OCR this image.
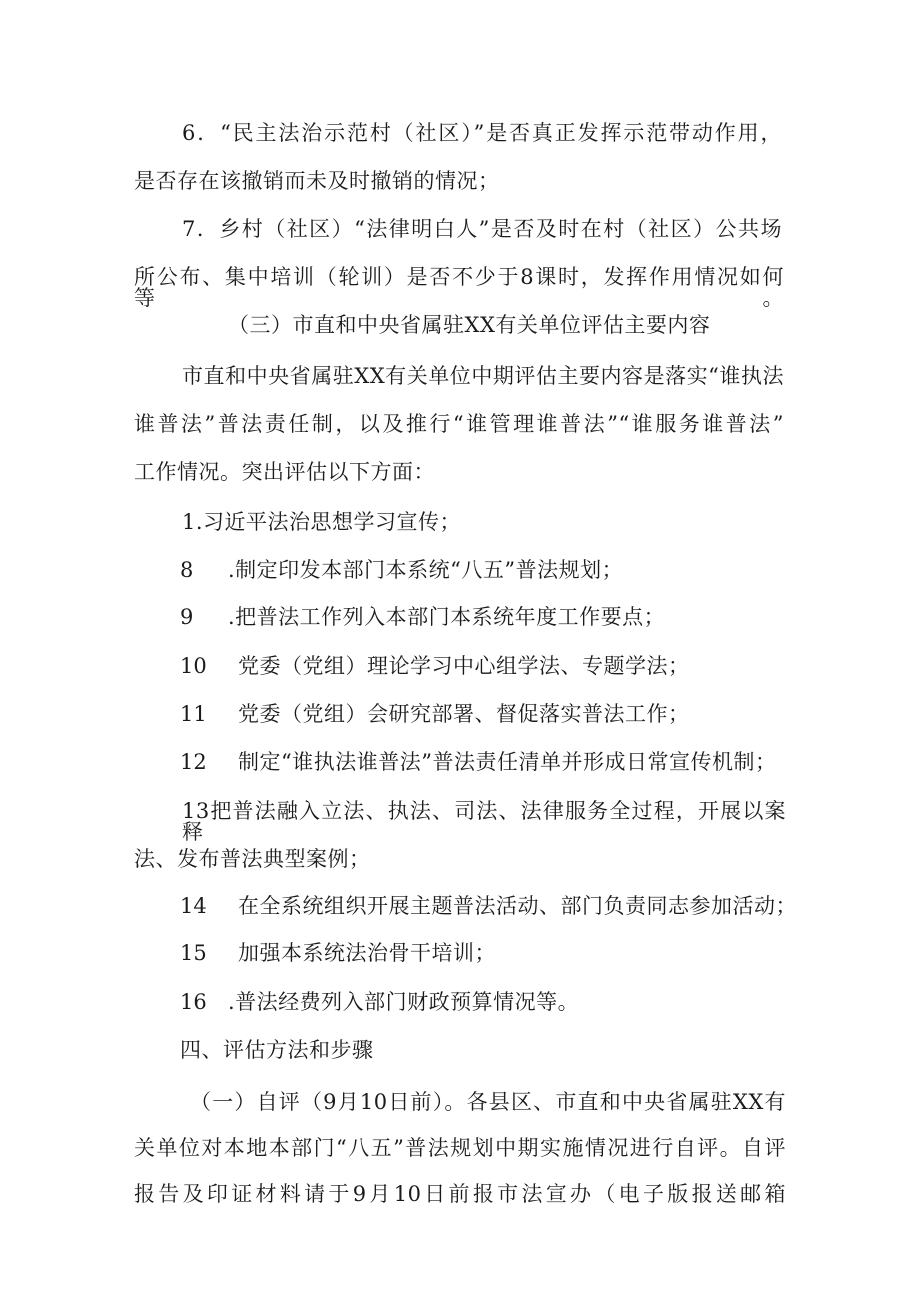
6．“民主法治示范村（社区）”是否真正发挥示范带动作用，

是否存在该撤销而未及时撤销的情况；

7．乡村（社区）“法律明白人”是否及时在村（社区）公共场

所公布、集中培训（轮训）是否不少于8课时，发挥作用情况如何等。

（三）市直和中央省属驻XX有关单位评估主要内容

市直和中央省属驻XX有关单位中期评估主要内容是落实“谁执法

谁普法”普法责任制，以及推行“谁管理谁普法”“谁服务谁普法”

工作情况。突出评估以下方面：

1.习近平法治思想学习宣传；

8 .制定印发本部门本系统“八五”普法规划；

9 .把普法工作列入本部门本系统年度工作要点；

10 党委（党组）理论学习中心组学法、专题学法；

11 党委（党组）会研究部署、督促落实普法工作；

12 制定“谁执法谁普法”普法责任清单并形成日常宣传机制；

13把普法融入立法、执法、司法、法律服务全过程，开展以案释

法、发布普法典型案例；

14 在全系统组织开展主题普法活动、部门负责同志参加活动；

15 加强本系统法治骨干培训；

16 .普法经费列入部门财政预算情况等。

四、评估方法和步骤

（一）自评（9月10日前）。各县区、市直和中央省属驻XX有

关单位对本地本部门“八五”普法规划中期实施情况进行自评。自评

报告及印证材料请于9月10日前报市法宣办（电子版报送邮箱
